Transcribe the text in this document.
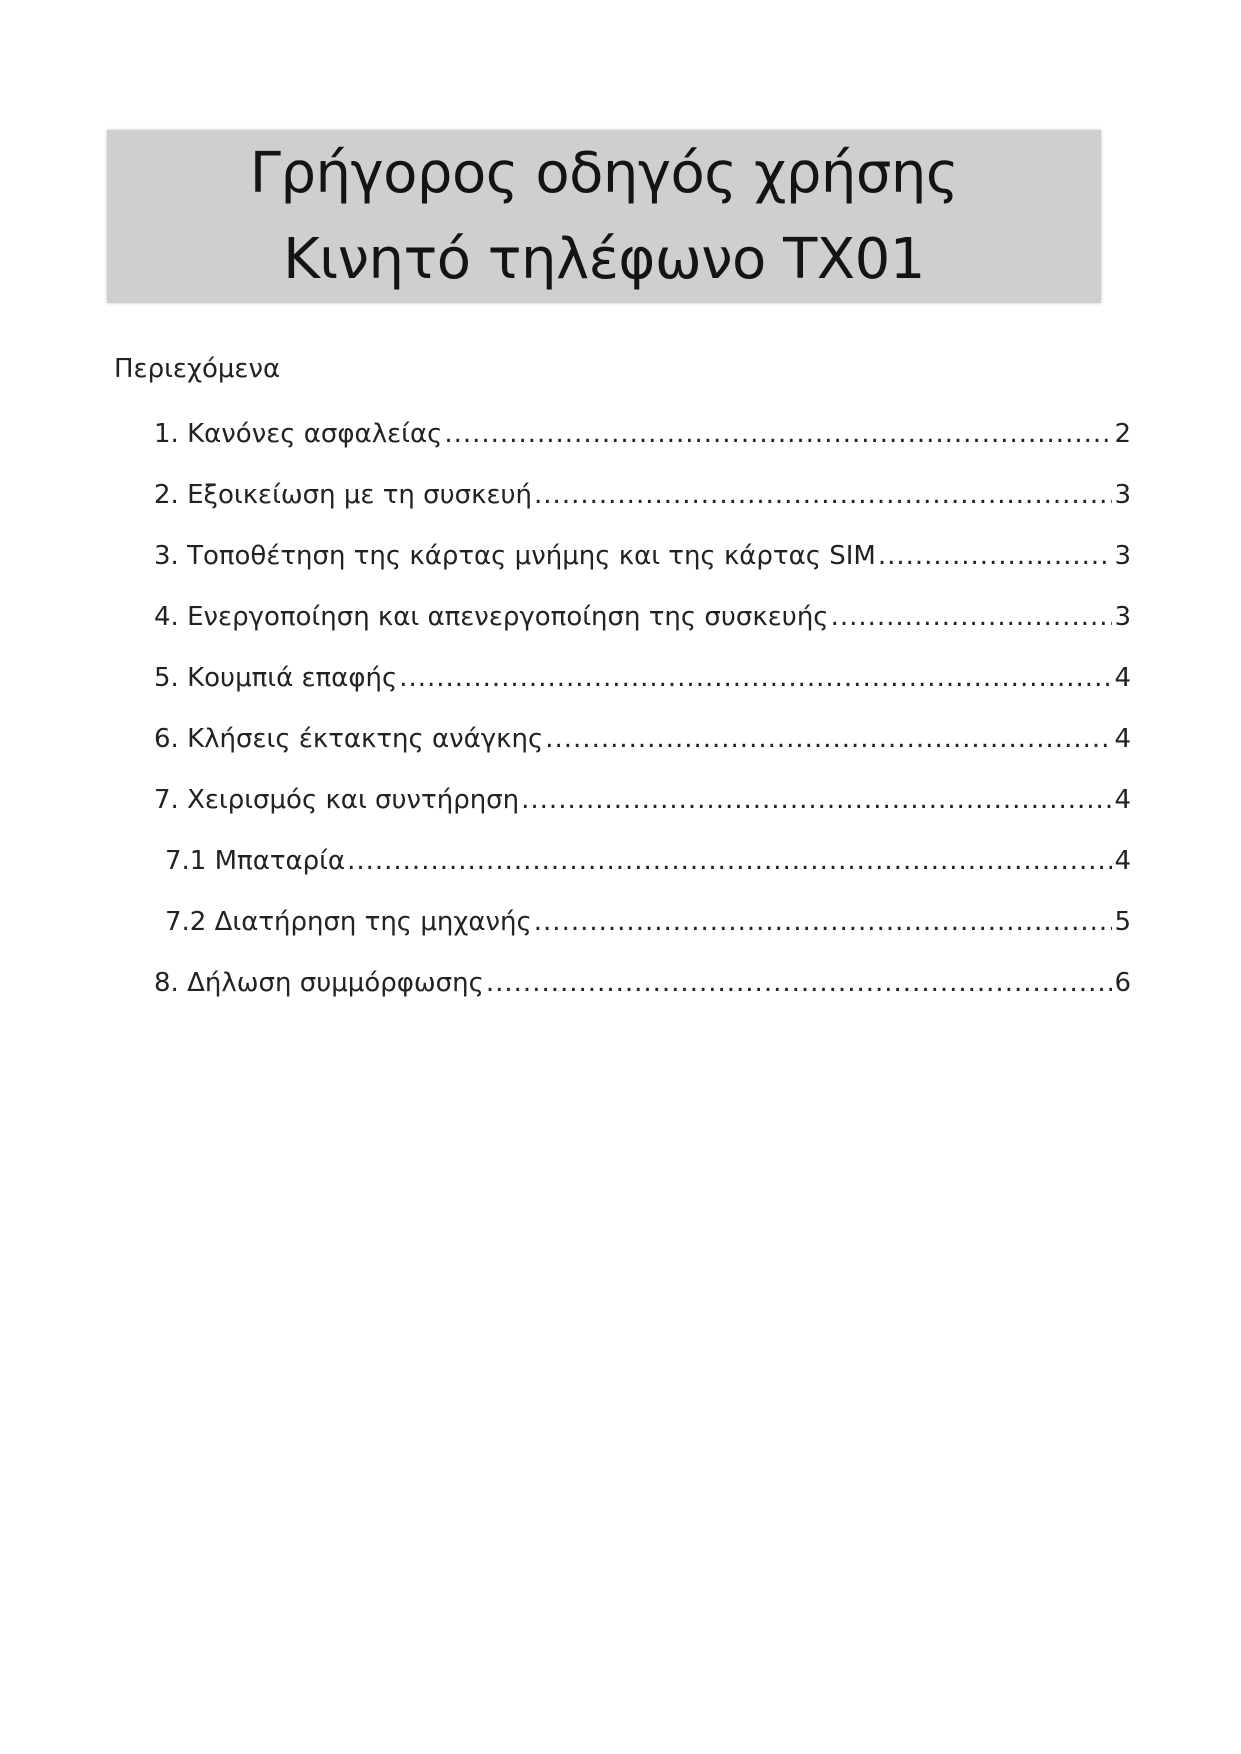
Γρήγορος οδηγός χρήσης
Κινητό τηλέφωνο TX01
Περιεχόμενα
1. Κανόνες ασφαλείας .....	2
2. Εξοικείωση με τη συσκευή .....	3
3. Τοποθέτηση της κάρτας μνήμης και της κάρτας SIM .....	3
4. Ενεργοποίηση και απενεργοποίηση της συσκευής .....	3
5. Κουμπιά επαφής .....	4
6. Κλήσεις έκτακτης ανάγκης .....	4
7. Χειρισμός και συντήρηση .....	4
7.1 Μπαταρία .....	4
7.2 Διατήρηση της μηχανής .....	5
8. Δήλωση συμμόρφωσης .....	6
